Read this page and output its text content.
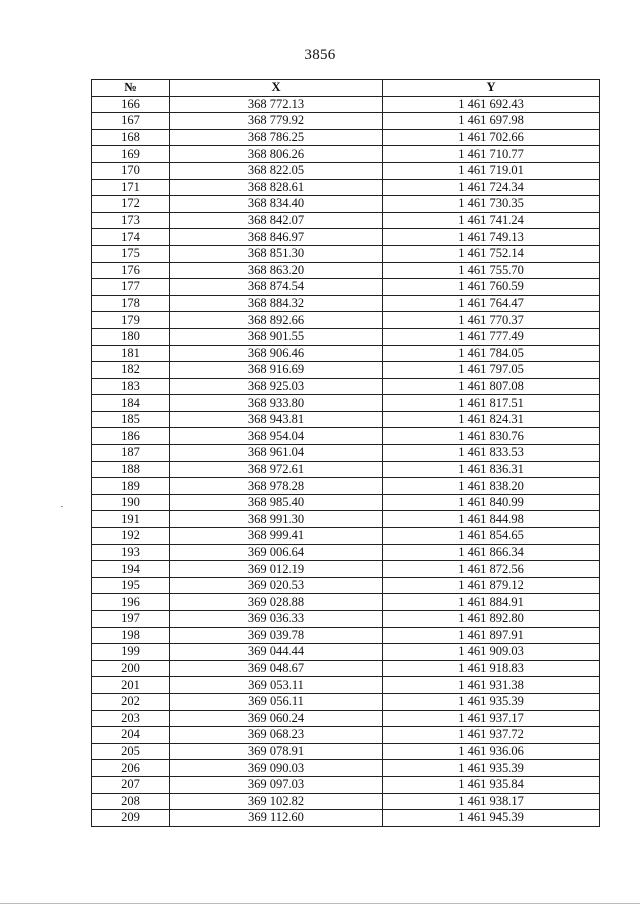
3856
№	X	Y
166	368 772.13	1 461 692.43
167	368 779.92	1 461 697.98
168	368 786.25	1 461 702.66
169	368 806.26	1 461 710.77
170	368 822.05	1 461 719.01
171	368 828.61	1 461 724.34
172	368 834.40	1 461 730.35
173	368 842.07	1 461 741.24
174	368 846.97	1 461 749.13
175	368 851.30	1 461 752.14
176	368 863.20	1 461 755.70
177	368 874.54	1 461 760.59
178	368 884.32	1 461 764.47
179	368 892.66	1 461 770.37
180	368 901.55	1 461 777.49
181	368 906.46	1 461 784.05
182	368 916.69	1 461 797.05
183	368 925.03	1 461 807.08
184	368 933.80	1 461 817.51
185	368 943.81	1 461 824.31
186	368 954.04	1 461 830.76
187	368 961.04	1 461 833.53
188	368 972.61	1 461 836.31
189	368 978.28	1 461 838.20
190	368 985.40	1 461 840.99
191	368 991.30	1 461 844.98
192	368 999.41	1 461 854.65
193	369 006.64	1 461 866.34
194	369 012.19	1 461 872.56
195	369 020.53	1 461 879.12
196	369 028.88	1 461 884.91
197	369 036.33	1 461 892.80
198	369 039.78	1 461 897.91
199	369 044.44	1 461 909.03
200	369 048.67	1 461 918.83
201	369 053.11	1 461 931.38
202	369 056.11	1 461 935.39
203	369 060.24	1 461 937.17
204	369 068.23	1 461 937.72
205	369 078.91	1 461 936.06
206	369 090.03	1 461 935.39
207	369 097.03	1 461 935.84
208	369 102.82	1 461 938.17
209	369 112.60	1 461 945.39
